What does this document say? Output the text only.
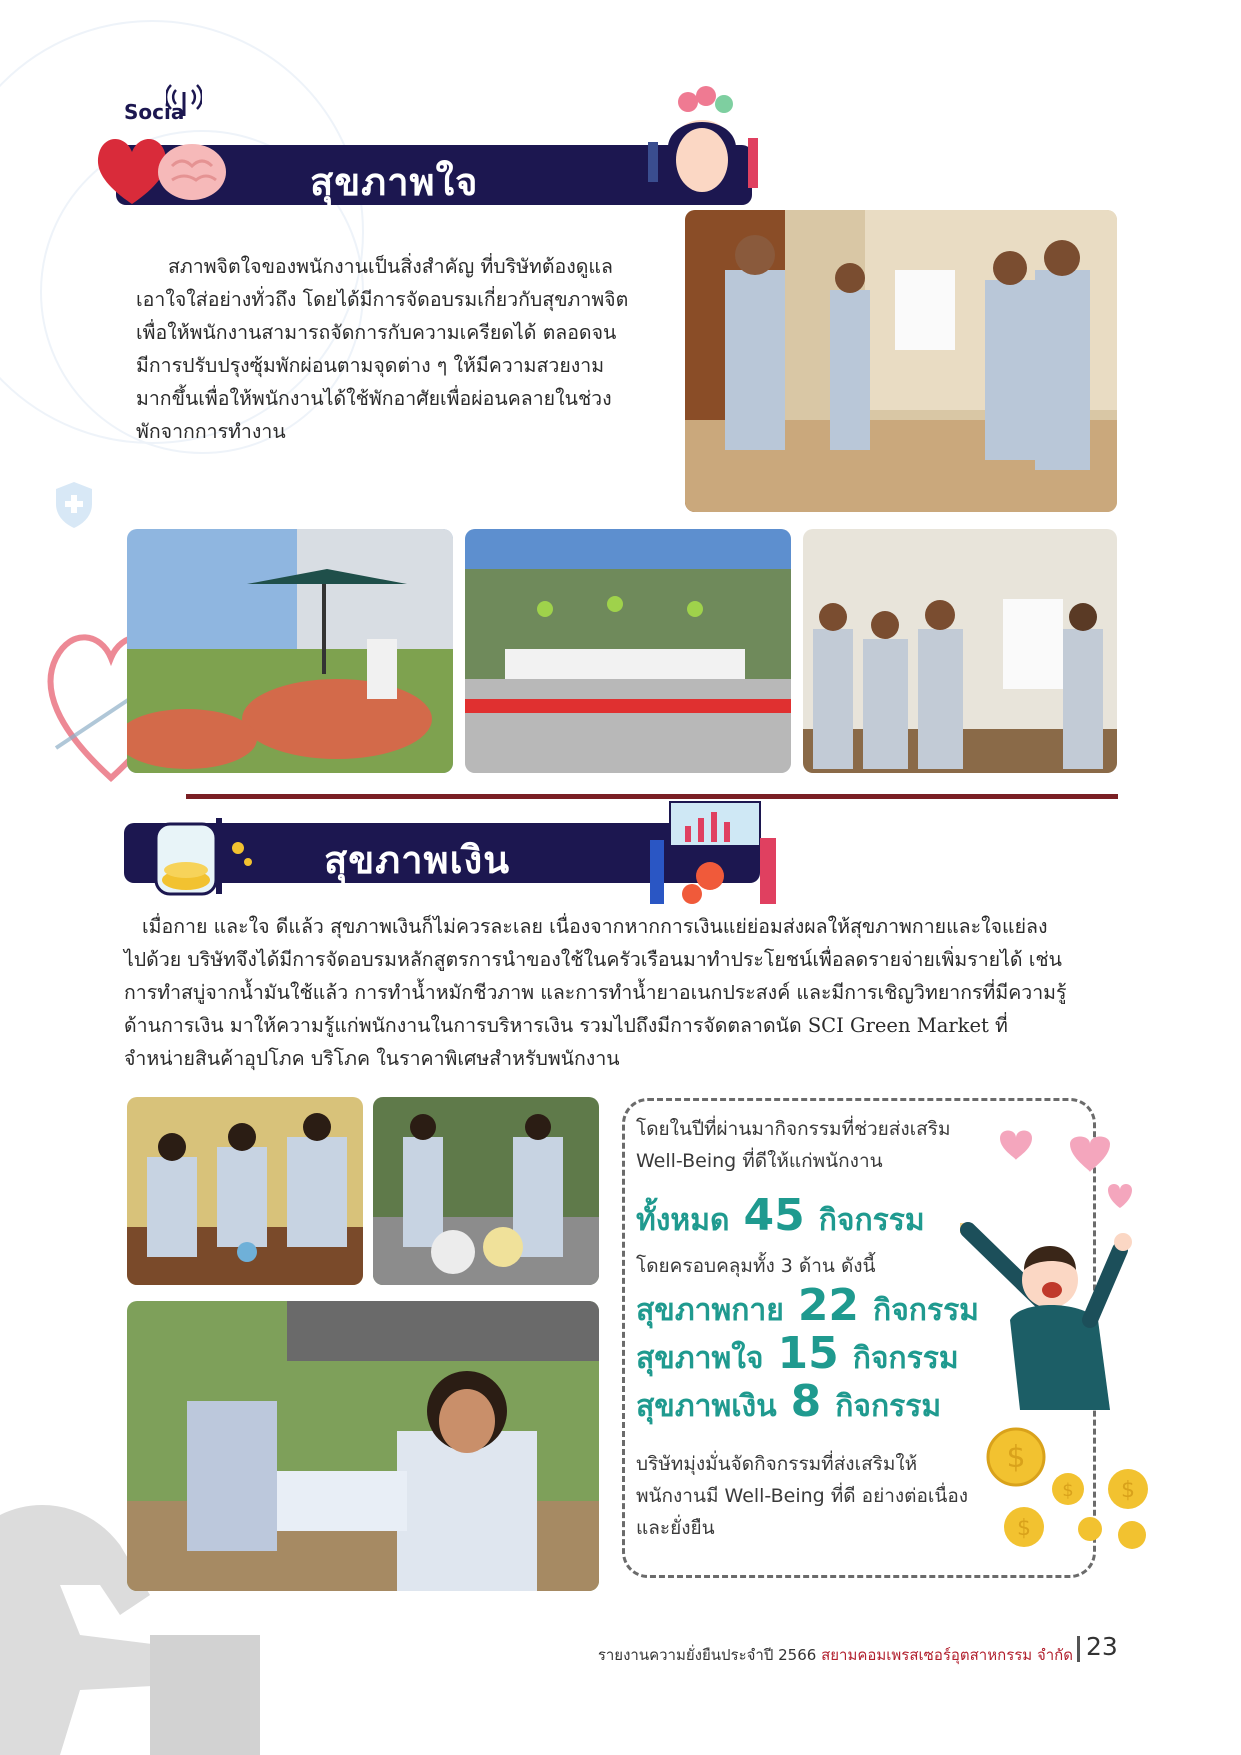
Socia
สุขภาพใจ
สภาพจิตใจของพนักงานเป็นสิ่งสำคัญ ที่บริษัทต้องดูแล
เอาใจใส่อย่างทั่วถึง โดยได้มีการจัดอบรมเกี่ยวกับสุขภาพจิต
เพื่อให้พนักงานสามารถจัดการกับความเครียดได้ ตลอดจน
มีการปรับปรุงซุ้มพักผ่อนตามจุดต่าง ๆ ให้มีความสวยงาม
มากขึ้นเพื่อให้พนักงานได้ใช้พักอาศัยเพื่อผ่อนคลายในช่วง
พักจากการทำงาน
สุขภาพเงิน
เมื่อกาย และใจ ดีแล้ว สุขภาพเงินก็ไม่ควรละเลย เนื่องจากหากการเงินแย่ย่อมส่งผลให้สุขภาพกายและใจแย่ลง
ไปด้วย บริษัทจึงได้มีการจัดอบรมหลักสูตรการนำของใช้ในครัวเรือนมาทำประโยชน์เพื่อลดรายจ่ายเพิ่มรายได้ เช่น
การทำสบู่จากน้ำมันใช้แล้ว การทำน้ำหมักชีวภาพ และการทำน้ำยาอเนกประสงค์ และมีการเชิญวิทยากรที่มีความรู้
ด้านการเงิน มาให้ความรู้แก่พนักงานในการบริหารเงิน รวมไปถึงมีการจัดตลาดนัด SCI Green Market ที่
จำหน่ายสินค้าอุปโภค บริโภค ในราคาพิเศษสำหรับพนักงาน
โดยในปีที่ผ่านมากิจกรรมที่ช่วยส่งเสริม
Well-Being ที่ดีให้แก่พนักงาน
ทั้งหมด 45 กิจกรรม
โดยครอบคลุมทั้ง 3 ด้าน ดังนี้
สุขภาพกาย 22 กิจกรรม
สุขภาพใจ 15 กิจกรรม
สุขภาพเงิน 8 กิจกรรม
บริษัทมุ่งมั่นจัดกิจกรรมที่ส่งเสริมให้
พนักงานมี Well-Being ที่ดี อย่างต่อเนื่อง
และยั่งยืน
$
$ $
$
รายงานความยั่งยืนประจำปี 2566 สยามคอมเพรสเซอร์อุตสาหกรรม จำกัด 23
